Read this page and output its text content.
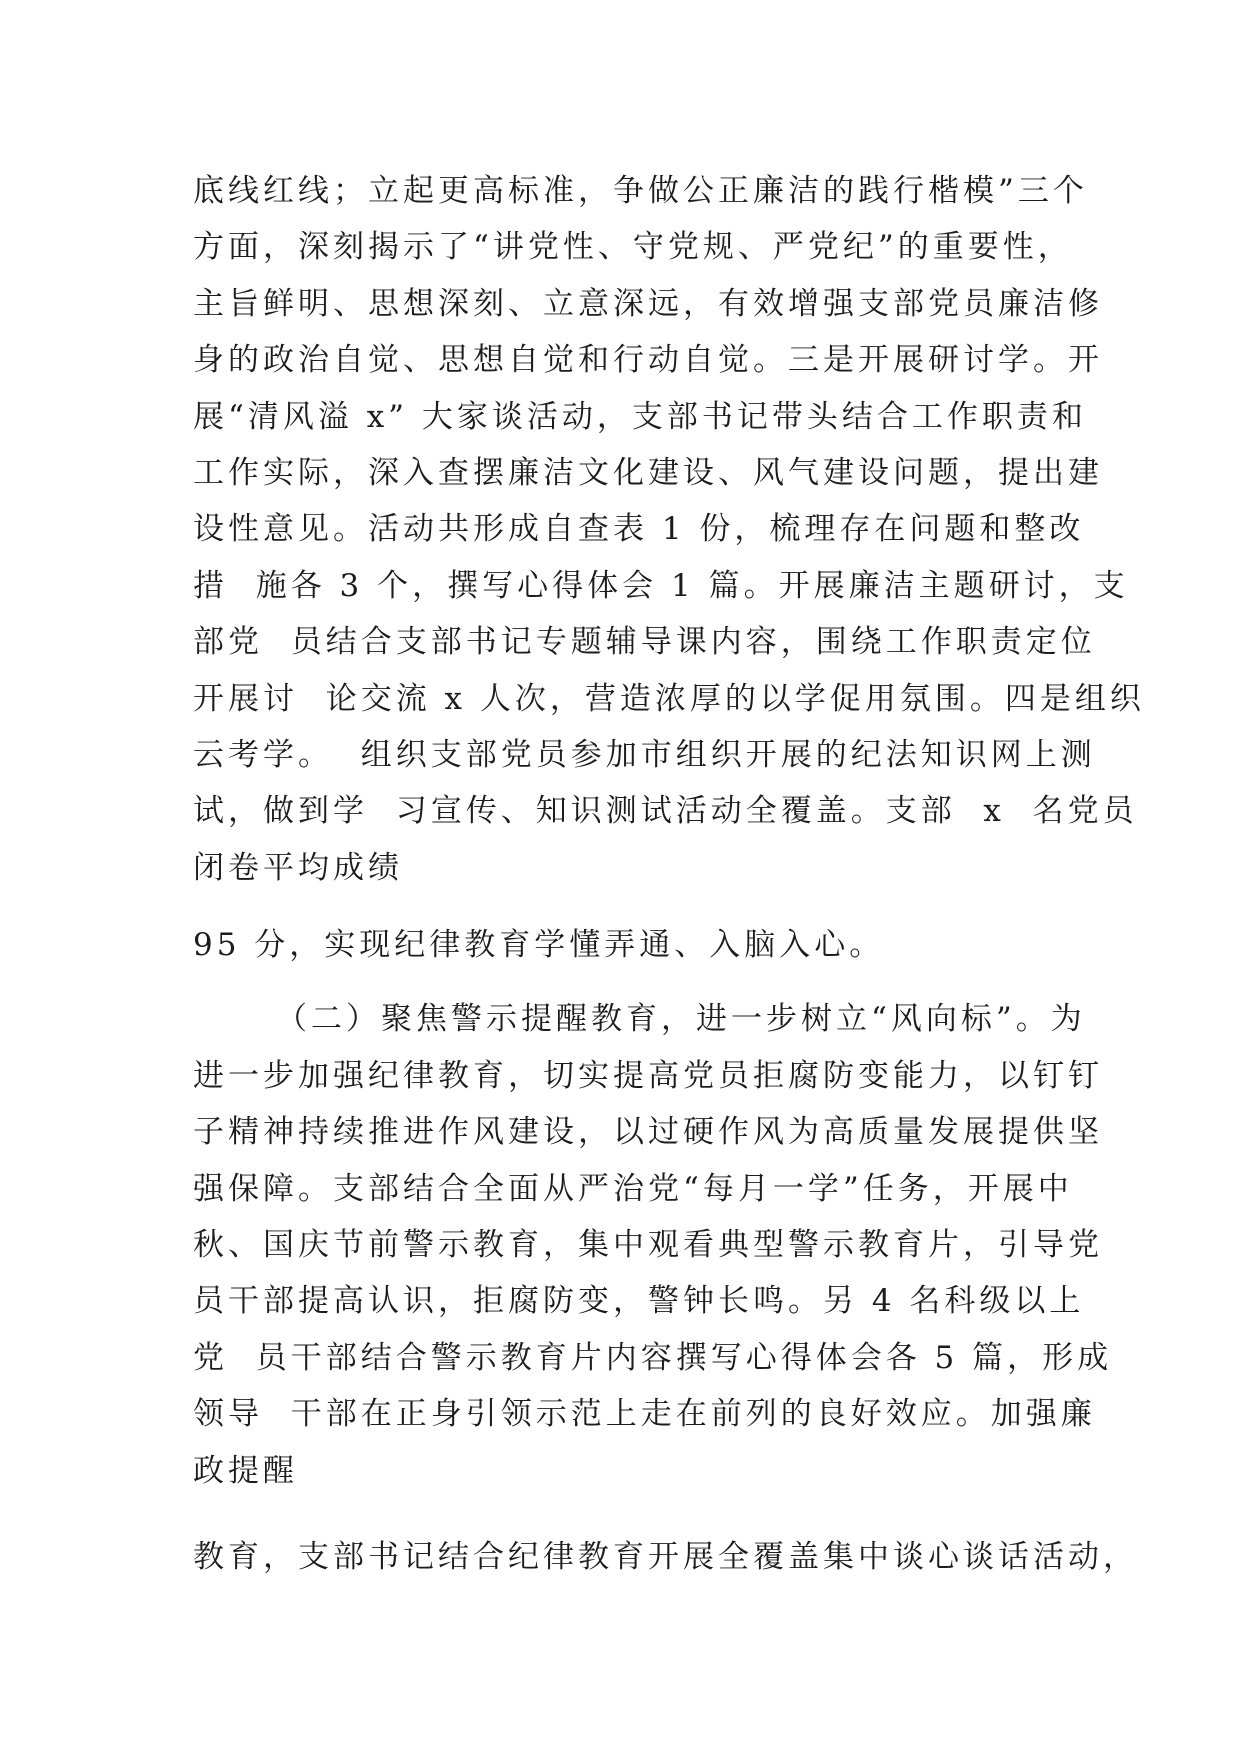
底线红线；立起更高标准，争做公正廉洁的践行楷模”三个
方面，深刻揭示了“讲党性、守党规、严党纪”的重要性，
主旨鲜明、思想深刻、立意深远，有效增强支部党员廉洁修
身的政治自觉、思想自觉和行动自觉。三是开展研讨学。开
展“清风溢 x” 大家谈活动，支部书记带头结合工作职责和
工作实际，深入查摆廉洁文化建设、风气建设问题，提出建
设性意见。活动共形成自查表 1 份，梳理存在问题和整改
措  施各 3 个，撰写心得体会 1 篇。开展廉洁主题研讨，支
部党  员结合支部书记专题辅导课内容，围绕工作职责定位
开展讨  论交流 x 人次，营造浓厚的以学促用氛围。四是组织
云考学。  组织支部党员参加市组织开展的纪法知识网上测
试，做到学  习宣传、知识测试活动全覆盖。支部  x  名党员
闭卷平均成绩
95 分，实现纪律教育学懂弄通、入脑入心。
（二）聚焦警示提醒教育，进一步树立“风向标”。为
进一步加强纪律教育，切实提高党员拒腐防变能力，以钉钉
子精神持续推进作风建设，以过硬作风为高质量发展提供坚
强保障。支部结合全面从严治党“每月一学”任务，开展中
秋、国庆节前警示教育，集中观看典型警示教育片，引导党
员干部提高认识，拒腐防变，警钟长鸣。另 4 名科级以上
党  员干部结合警示教育片内容撰写心得体会各 5 篇，形成
领导  干部在正身引领示范上走在前列的良好效应。加强廉
政提醒
教育，支部书记结合纪律教育开展全覆盖集中谈心谈话活动，
